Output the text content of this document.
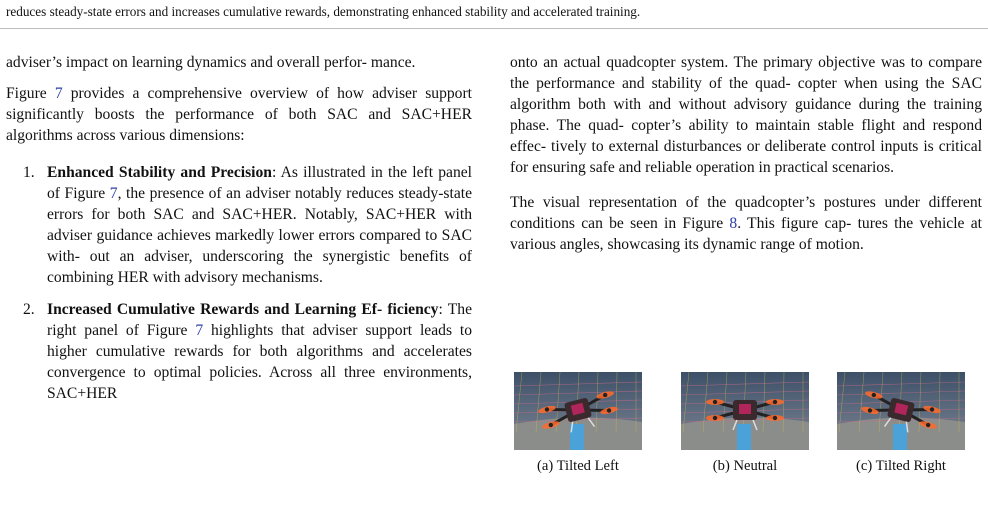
reduces steady-state errors and increases cumulative rewards, demonstrating enhanced stability and accelerated training.

adviser’s impact on learning dynamics and overall perfor- mance.

Figure 7 provides a comprehensive overview of how adviser support significantly boosts the performance of both SAC and SAC+HER algorithms across various dimensions:

1. Enhanced Stability and Precision: As illustrated in the left panel of Figure 7, the presence of an adviser notably reduces steady-state errors for both SAC and SAC+HER. Notably, SAC+HER with adviser guidance achieves markedly lower errors compared to SAC with- out an adviser, underscoring the synergistic benefits of combining HER with advisory mechanisms.
2. Increased Cumulative Rewards and Learning Ef- ficiency: The right panel of Figure 7 highlights that adviser support leads to higher cumulative rewards for both algorithms and accelerates convergence to optimal policies. Across all three environments, SAC+HER

onto an actual quadcopter system. The primary objective was to compare the performance and stability of the quad- copter when using the SAC algorithm both with and without advisory guidance during the training phase. The quad- copter’s ability to maintain stable flight and respond effec- tively to external disturbances or deliberate control inputs is critical for ensuring safe and reliable operation in practical scenarios.

The visual representation of the quadcopter’s postures under different conditions can be seen in Figure 8. This figure cap- tures the vehicle at various angles, showcasing its dynamic range of motion.

(a) Tilted Left	(b) Neutral	(c) Tilted Right
